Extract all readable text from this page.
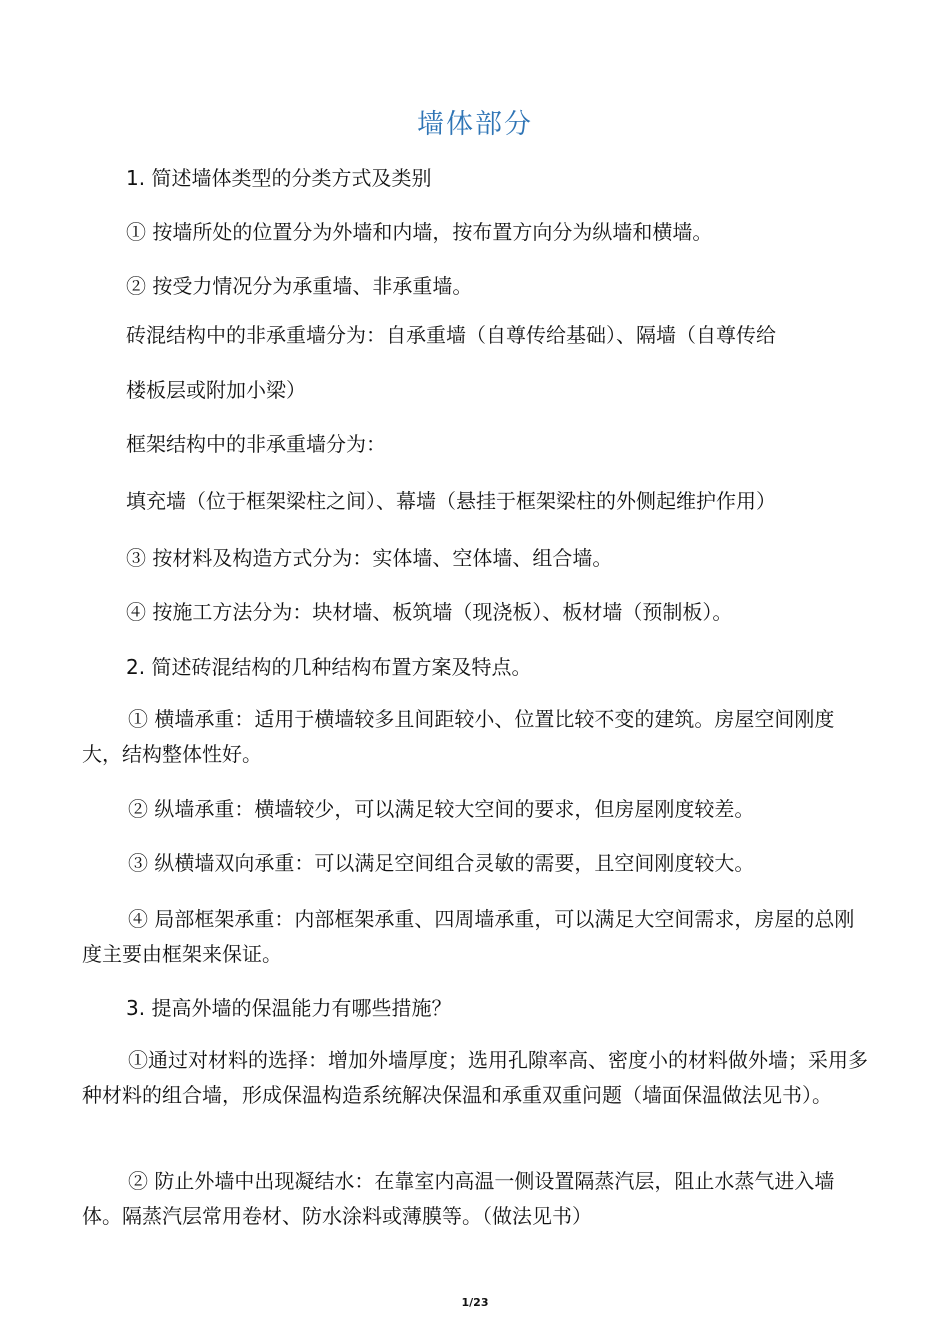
墙体部分
1. 简述墙体类型的分类方式及类别
① 按墙所处的位置分为外墙和内墙，按布置方向分为纵墙和横墙。
② 按受力情况分为承重墙、非承重墙。
砖混结构中的非承重墙分为：自承重墙（自尊传给基础）、隔墙（自尊传给
楼板层或附加小梁）
框架结构中的非承重墙分为：
填充墙（位于框架梁柱之间）、幕墙（悬挂于框架梁柱的外侧起维护作用）
③ 按材料及构造方式分为：实体墙、空体墙、组合墙。
④ 按施工方法分为：块材墙、板筑墙（现浇板）、板材墙（预制板）。
2. 简述砖混结构的几种结构布置方案及特点。
① 横墙承重：适用于横墙较多且间距较小、位置比较不变的建筑。房屋空间刚度大，结构整体性好。
② 纵墙承重：横墙较少，可以满足较大空间的要求，但房屋刚度较差。
③ 纵横墙双向承重：可以满足空间组合灵敏的需要，且空间刚度较大。
④ 局部框架承重：内部框架承重、四周墙承重，可以满足大空间需求，房屋的总刚度主要由框架来保证。
3. 提高外墙的保温能力有哪些措施？
①通过对材料的选择：增加外墙厚度；选用孔隙率高、密度小的材料做外墙；采用多种材料的组合墙，形成保温构造系统解决保温和承重双重问题（墙面保温做法见书）。
② 防止外墙中出现凝结水：在靠室内高温一侧设置隔蒸汽层，阻止水蒸气进入墙体。隔蒸汽层常用卷材、防水涂料或薄膜等。（做法见书）
1/23
